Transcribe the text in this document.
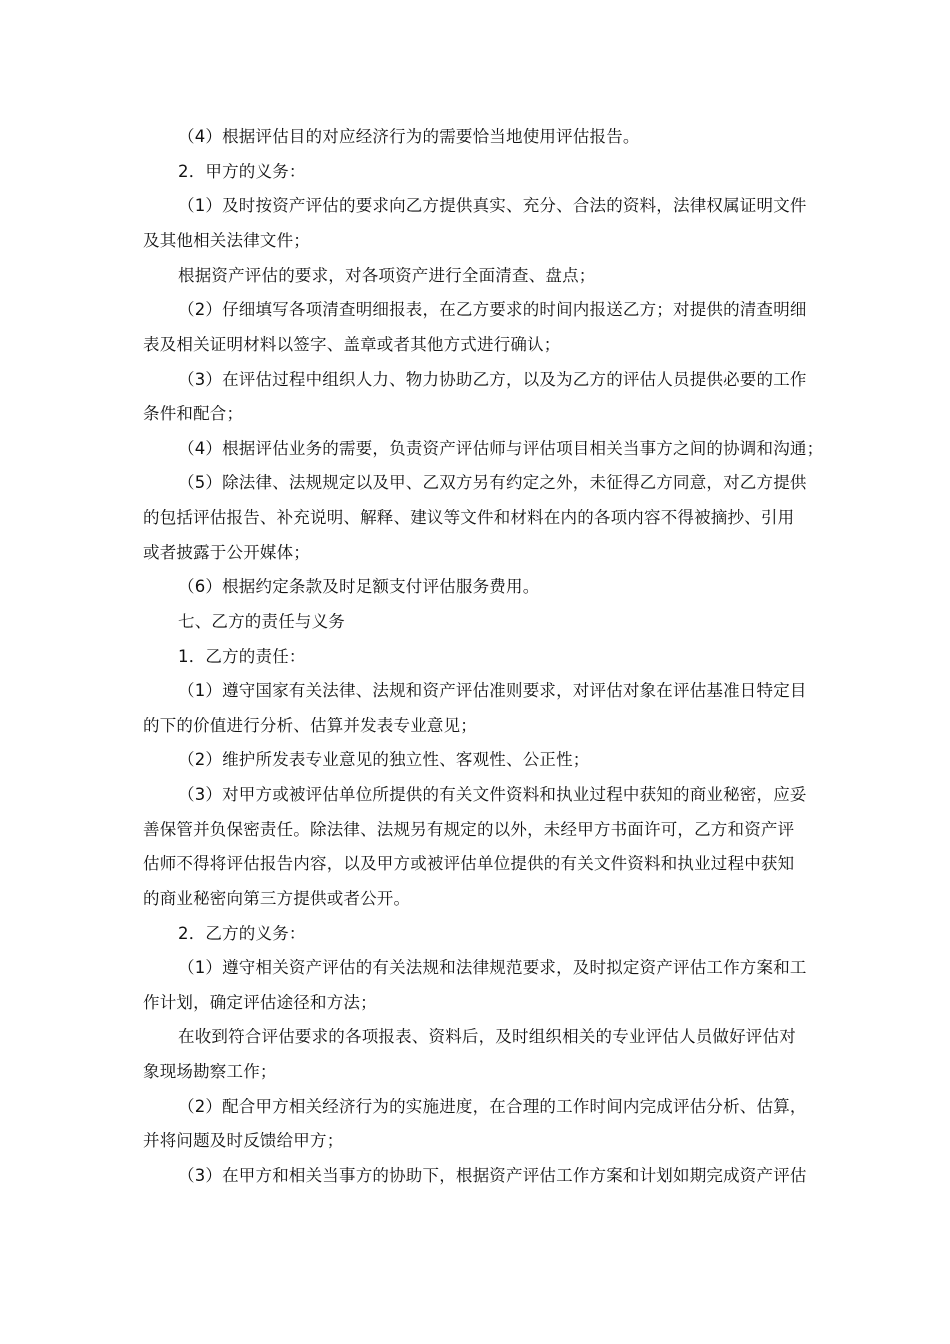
（4）根据评估目的对应经济行为的需要恰当地使用评估报告。
2．甲方的义务：
（1）及时按资产评估的要求向乙方提供真实、充分、合法的资料，法律权属证明文件
及其他相关法律文件；
根据资产评估的要求，对各项资产进行全面清查、盘点；
（2）仔细填写各项清查明细报表，在乙方要求的时间内报送乙方；对提供的清查明细
表及相关证明材料以签字、盖章或者其他方式进行确认；
（3）在评估过程中组织人力、物力协助乙方，以及为乙方的评估人员提供必要的工作
条件和配合；
（4）根据评估业务的需要，负责资产评估师与评估项目相关当事方之间的协调和沟通；
（5）除法律、法规规定以及甲、乙双方另有约定之外，未征得乙方同意，对乙方提供
的包括评估报告、补充说明、解释、建议等文件和材料在内的各项内容不得被摘抄、引用
或者披露于公开媒体；
（6）根据约定条款及时足额支付评估服务费用。
七、乙方的责任与义务
1．乙方的责任：
（1）遵守国家有关法律、法规和资产评估准则要求，对评估对象在评估基准日特定目
的下的价值进行分析、估算并发表专业意见；
（2）维护所发表专业意见的独立性、客观性、公正性；
（3）对甲方或被评估单位所提供的有关文件资料和执业过程中获知的商业秘密，应妥
善保管并负保密责任。除法律、法规另有规定的以外，未经甲方书面许可，乙方和资产评
估师不得将评估报告内容，以及甲方或被评估单位提供的有关文件资料和执业过程中获知
的商业秘密向第三方提供或者公开。
2．乙方的义务：
（1）遵守相关资产评估的有关法规和法律规范要求，及时拟定资产评估工作方案和工
作计划，确定评估途径和方法；
在收到符合评估要求的各项报表、资料后，及时组织相关的专业评估人员做好评估对
象现场勘察工作；
（2）配合甲方相关经济行为的实施进度，在合理的工作时间内完成评估分析、估算，
并将问题及时反馈给甲方；
（3）在甲方和相关当事方的协助下，根据资产评估工作方案和计划如期完成资产评估
